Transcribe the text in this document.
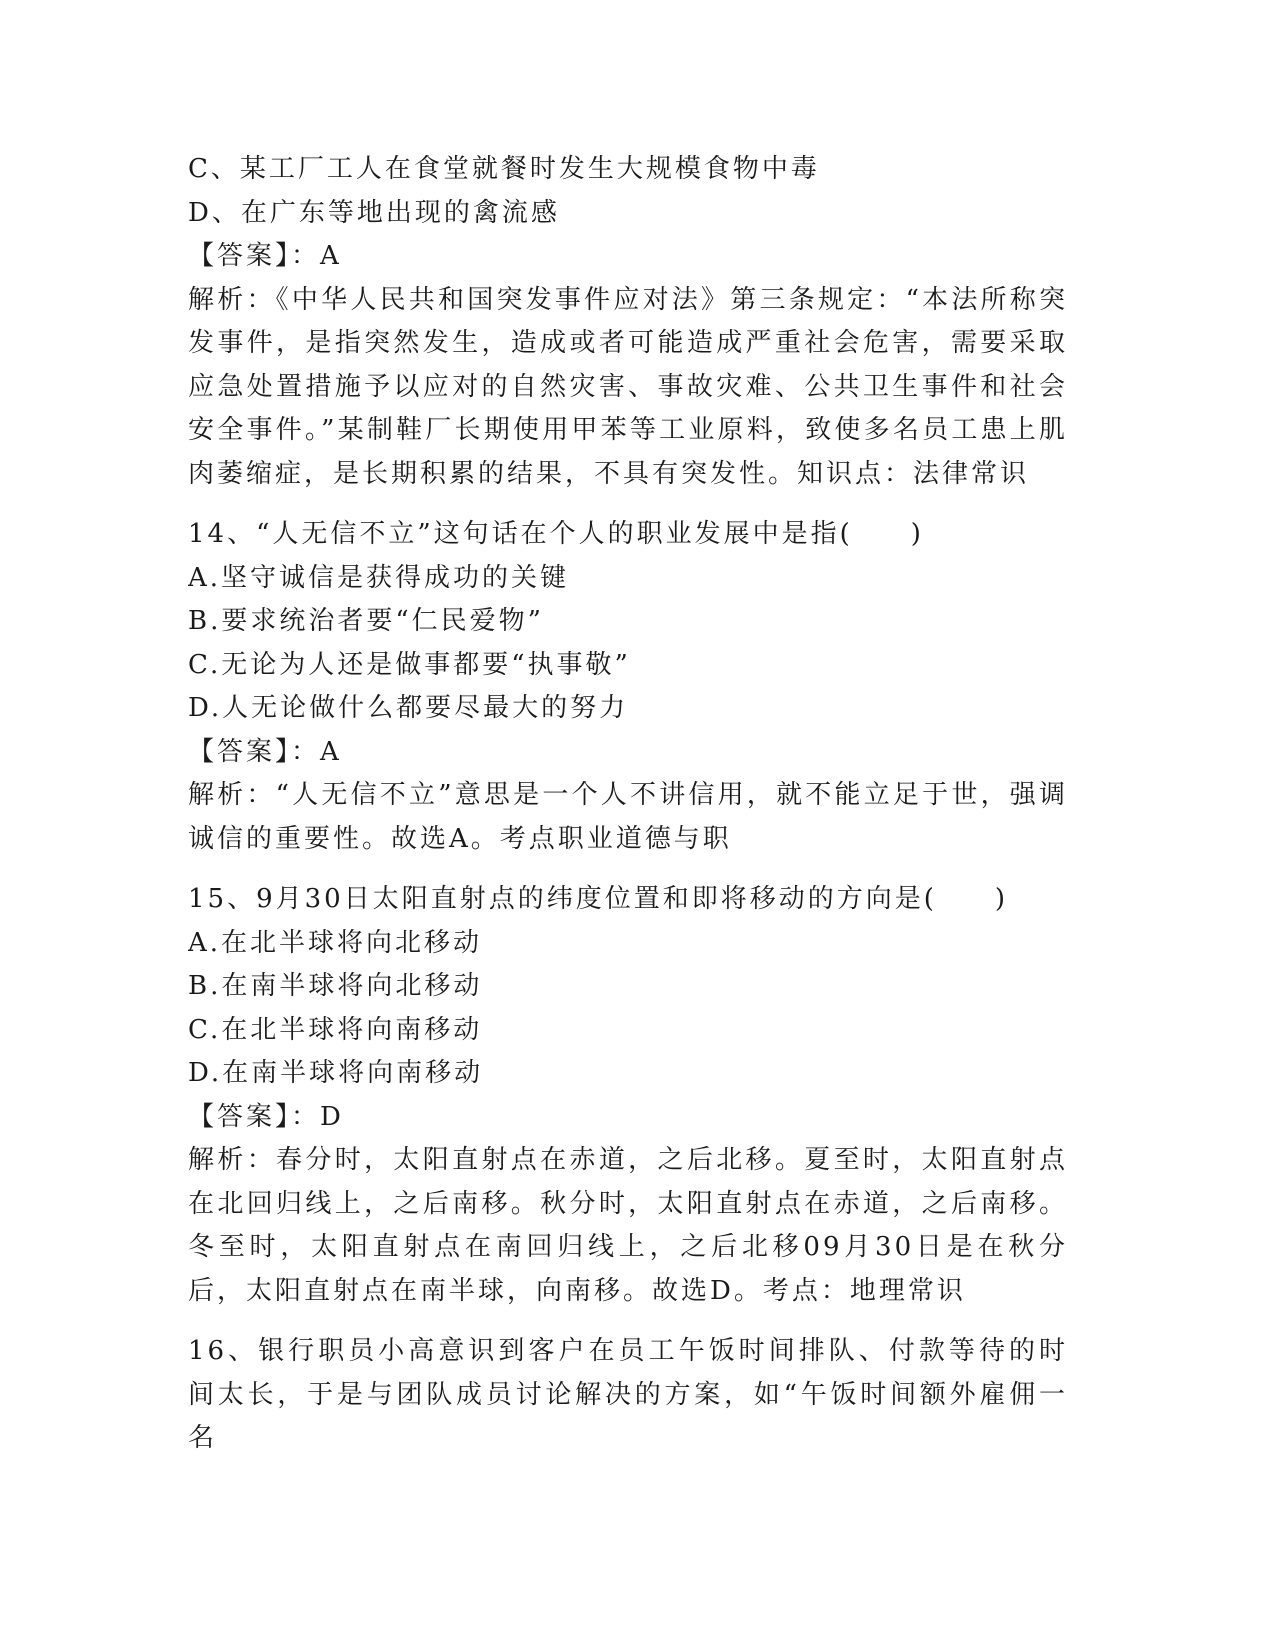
C、某工厂工人在食堂就餐时发生大规模食物中毒
D、在广东等地出现的禽流感
【答案】：A
解析：《中华人民共和国突发事件应对法》第三条规定：“本法所称突发事件，是指突然发生，造成或者可能造成严重社会危害，需要采取应急处置措施予以应对的自然灾害、事故灾难、公共卫生事件和社会安全事件。”某制鞋厂长期使用甲苯等工业原料，致使多名员工患上肌肉萎缩症，是长期积累的结果，不具有突发性。知识点：法律常识
14、“人无信不立”这句话在个人的职业发展中是指(　　)
A.坚守诚信是获得成功的关键
B.要求统治者要“仁民爱物”
C.无论为人还是做事都要“执事敬”
D.人无论做什么都要尽最大的努力
【答案】：A
解析：“人无信不立”意思是一个人不讲信用，就不能立足于世，强调诚信的重要性。故选A。考点职业道德与职
15、9月30日太阳直射点的纬度位置和即将移动的方向是(　　)
A.在北半球将向北移动
B.在南半球将向北移动
C.在北半球将向南移动
D.在南半球将向南移动
【答案】：D
解析：春分时，太阳直射点在赤道，之后北移。夏至时，太阳直射点在北回归线上，之后南移。秋分时，太阳直射点在赤道，之后南移。冬至时，太阳直射点在南回归线上，之后北移09月30日是在秋分后，太阳直射点在南半球，向南移。故选D。考点：地理常识
16、银行职员小高意识到客户在员工午饭时间排队、付款等待的时间太长，于是与团队成员讨论解决的方案，如“午饭时间额外雇佣一名
